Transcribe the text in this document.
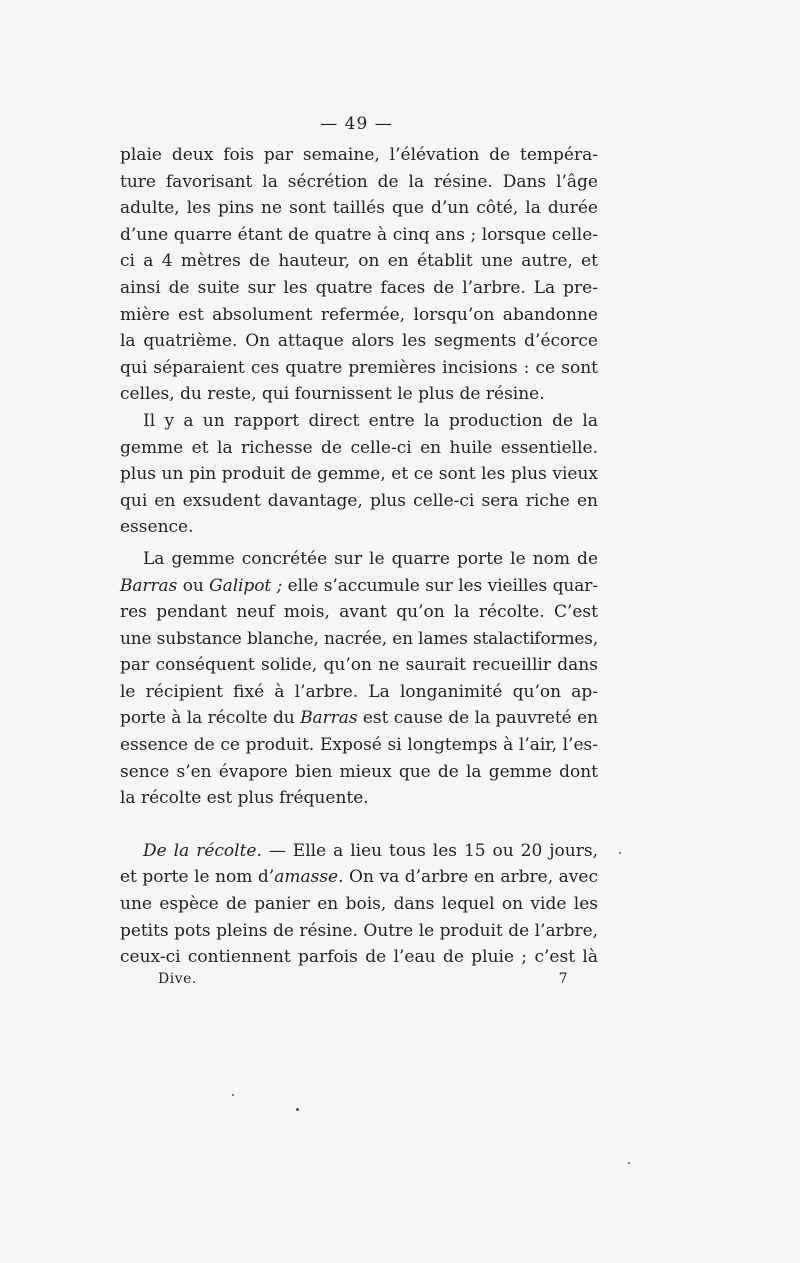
— 49 —

plaie deux fois par semaine, l’élévation de tempéra-
ture favorisant la sécrétion de la résine. Dans l’âge
adulte, les pins ne sont taillés que d’un côté, la durée
d’une quarre étant de quatre à cinq ans ; lorsque celle-
ci a 4 mètres de hauteur, on en établit une autre, et
ainsi de suite sur les quatre faces de l’arbre. La pre-
mière est absolument refermée, lorsqu’on abandonne
la quatrième. On attaque alors les segments d’écorce
qui séparaient ces quatre premières incisions : ce sont
celles, du reste, qui fournissent le plus de résine.

Il y a un rapport direct entre la production de la
gemme et la richesse de celle-ci en huile essentielle.
plus un pin produit de gemme, et ce sont les plus vieux
qui en exsudent davantage, plus celle-ci sera riche en
essence.

La gemme concrétée sur le quarre porte le nom de
Barras ou Galipot ; elle s’accumule sur les vieilles quar-
res pendant neuf mois, avant qu’on la récolte. C’est
une substance blanche, nacrée, en lames stalactiformes,
par conséquent solide, qu’on ne saurait recueillir dans
le récipient fixé à l’arbre. La longanimité qu’on ap-
porte à la récolte du Barras est cause de la pauvreté en
essence de ce produit. Exposé si longtemps à l’air, l’es-
sence s’en évapore bien mieux que de la gemme dont
la récolte est plus fréquente.

De la récolte. — Elle a lieu tous les 15 ou 20 jours,
et porte le nom d’amasse. On va d’arbre en arbre, avec
une espèce de panier en bois, dans lequel on vide les
petits pots pleins de résine. Outre le produit de l’arbre,
ceux-ci contiennent parfois de l’eau de pluie ; c’est là

Dive.	7
